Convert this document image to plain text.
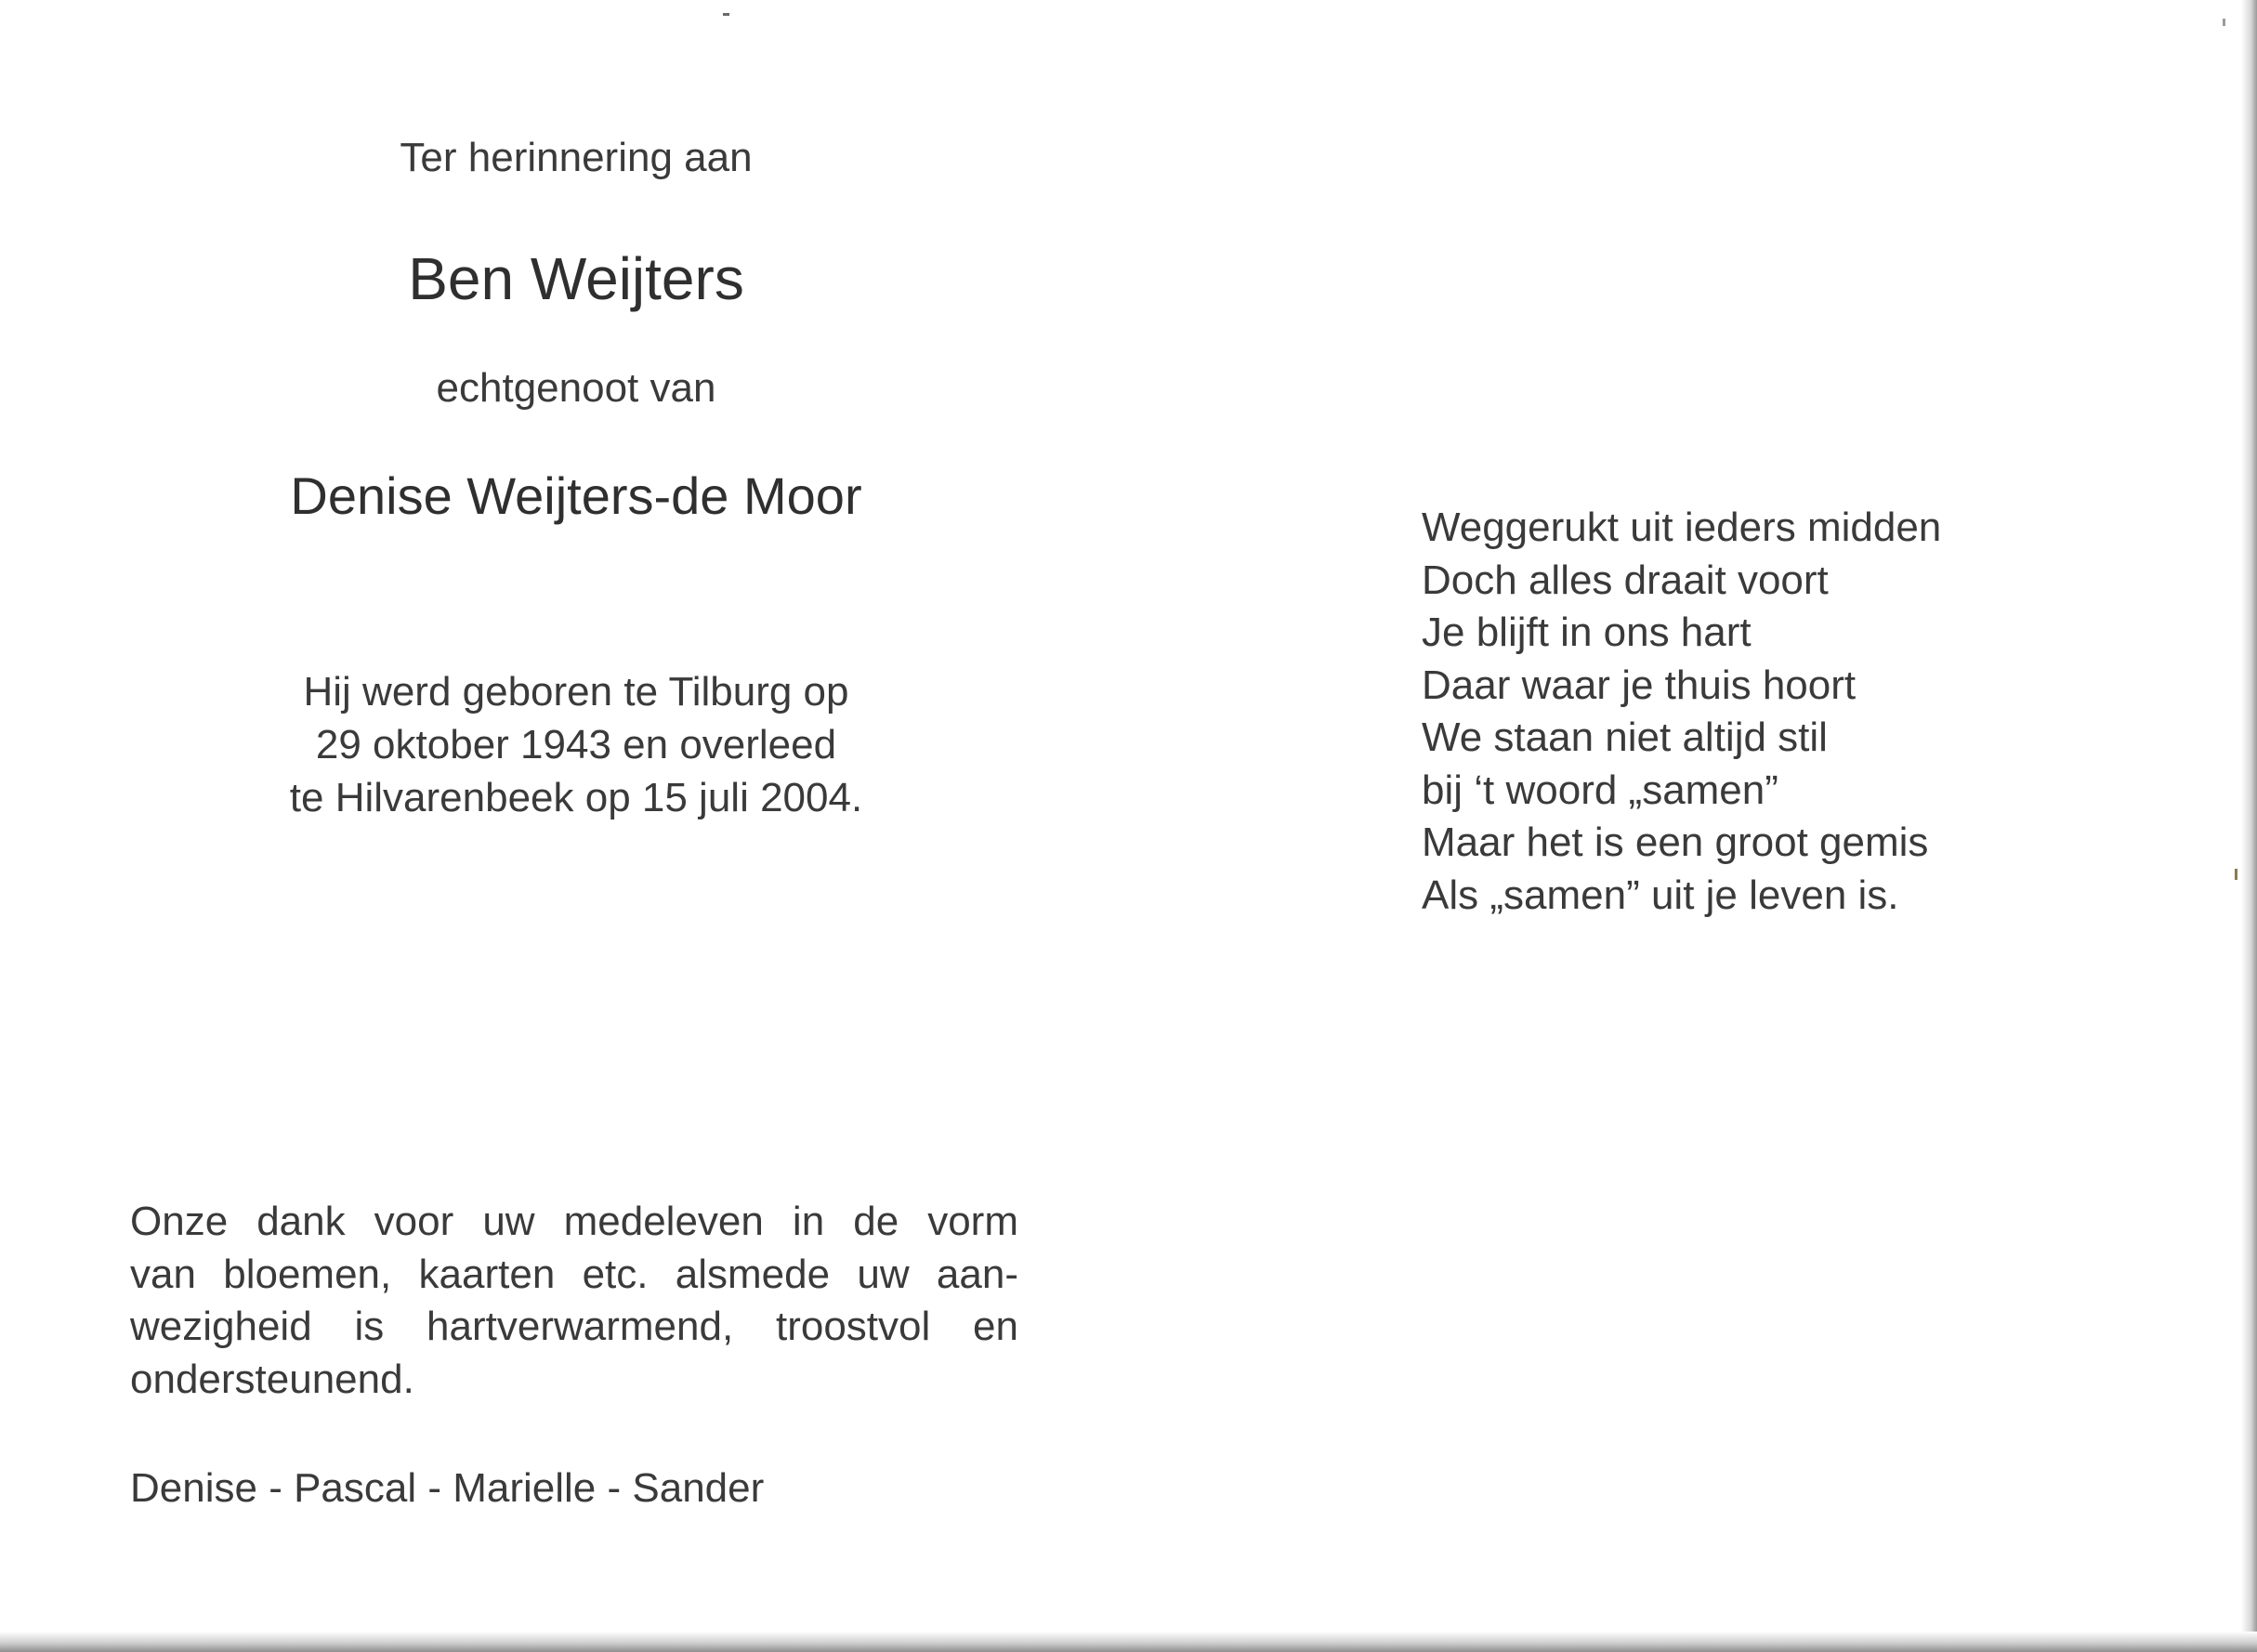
Ter herinnering aan

Ben Weijters

echtgenoot van

Denise Weijters-de Moor

Hij werd geboren te Tilburg op

29 oktober 1943 en overleed

te Hilvarenbeek op 15 juli 2004.

Weggerukt uit ieders midden

Doch alles draait voort

Je blijft in ons hart

Daar waar je thuis hoort

We staan niet altijd stil

bij ‘t woord „samen”

Maar het is een groot gemis

Als „samen” uit je leven is.

Onze dank voor uw medeleven in de vorm

van bloemen, kaarten etc. alsmede uw aan-

wezigheid is hartverwarmend, troostvol en

ondersteunend.

Denise - Pascal - Marielle - Sander
